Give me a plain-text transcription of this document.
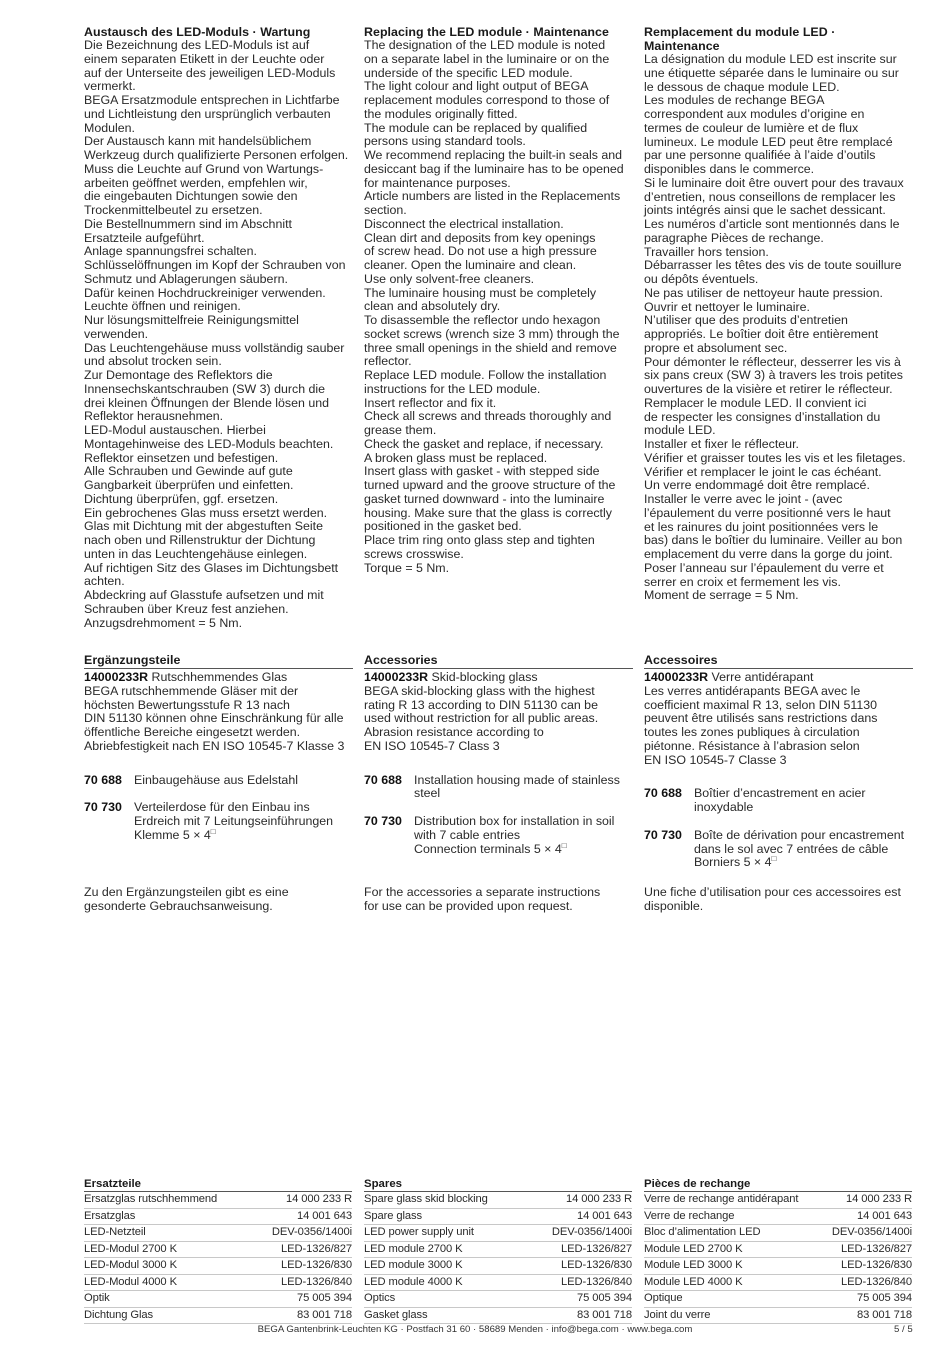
Austausch des LED-Moduls · Wartung

Die Bezeichnung des LED-Moduls ist auf
einem separaten Etikett in der Leuchte oder
auf der Unterseite des jeweiligen LED-Moduls
vermerkt.
BEGA Ersatzmodule entsprechen in Lichtfarbe
und Lichtleistung den ursprünglich verbauten
Modulen.
Der Austausch kann mit handelsüblichem
Werkzeug durch qualifizierte Personen erfolgen.
Muss die Leuchte auf Grund von Wartungs-
arbeiten geöffnet werden, empfehlen wir,
die eingebauten Dichtungen sowie den
Trockenmittelbeutel zu ersetzen.
Die Bestellnummern sind im Abschnitt
Ersatzteile aufgeführt.
Anlage spannungsfrei schalten.
Schlüsselöffnungen im Kopf der Schrauben von
Schmutz und Ablagerungen säubern.
Dafür keinen Hochdruckreiniger verwenden.
Leuchte öffnen und reinigen.
Nur lösungsmittelfreie Reinigungsmittel
verwenden.
Das Leuchtengehäuse muss vollständig sauber
und absolut trocken sein.
Zur Demontage des Reflektors die
Innensechskantschrauben (SW 3) durch die
drei kleinen Öffnungen der Blende lösen und
Reflektor herausnehmen.
LED-Modul austauschen. Hierbei
Montagehinweise des LED-Moduls beachten.
Reflektor einsetzen und befestigen.
Alle Schrauben und Gewinde auf gute
Gangbarkeit überprüfen und einfetten.
Dichtung überprüfen, ggf. ersetzen.
Ein gebrochenes Glas muss ersetzt werden.
Glas mit Dichtung mit der abgestuften Seite
nach oben und Rillenstruktur der Dichtung
unten in das Leuchtengehäuse einlegen.
Auf richtigen Sitz des Glases im Dichtungsbett
achten.
Abdeckring auf Glasstufe aufsetzen und mit
Schrauben über Kreuz fest anziehen.
Anzugsdrehmoment = 5 Nm.

Replacing the LED module · Maintenance

The designation of the LED module is noted
on a separate label in the luminaire or on the
underside of the specific LED module.
The light colour and light output of BEGA
replacement modules correspond to those of
the modules originally fitted.
The module can be replaced by qualified
persons using standard tools.
We recommend replacing the built-in seals and
desiccant bag if the luminaire has to be opened
for maintenance purposes.
Article numbers are listed in the Replacements
section.
Disconnect the electrical installation.
Clean dirt and deposits from key openings
of screw head. Do not use a high pressure
cleaner. Open the luminaire and clean.
Use only solvent-free cleaners.
The luminaire housing must be completely
clean and absolutely dry.
To disassemble the reflector undo hexagon
socket screws (wrench size 3 mm) through the
three small openings in the shield and remove
reflector.
Replace LED module. Follow the installation
instructions for the LED module.
Insert reflector and fix it.
Check all screws and threads thoroughly and
grease them.
Check the gasket and replace, if necessary.
A broken glass must be replaced.
Insert glass with gasket - with stepped side
turned upward and the groove structure of the
gasket turned downward - into the luminaire
housing. Make sure that the glass is correctly
positioned in the gasket bed.
Place trim ring onto glass step and tighten
screws crosswise.
Torque = 5 Nm.

Remplacement du module LED ·
Maintenance

La désignation du module LED est inscrite sur
une étiquette séparée dans le luminaire ou sur
le dessous de chaque module LED.
Les modules de rechange BEGA
correspondent aux modules d’origine en
termes de couleur de lumière et de flux
lumineux. Le module LED peut être remplacé
par une personne qualifiée à l’aide d’outils
disponibles dans le commerce.
Si le luminaire doit être ouvert pour des travaux
d’entretien, nous conseillons de remplacer les
joints intégrés ainsi que le sachet dessicant.
Les numéros d’article sont mentionnés dans le
paragraphe Pièces de rechange.
Travailler hors tension.
Débarrasser les têtes des vis de toute souillure
ou dépôts éventuels.
Ne pas utiliser de nettoyeur haute pression.
Ouvrir et nettoyer le luminaire.
N’utiliser que des produits d’entretien
appropriés. Le boîtier doit être entièrement
propre et absolument sec.
Pour démonter le réflecteur, desserrer les vis à
six pans creux (SW 3) à travers les trois petites
ouvertures de la visière et retirer le réflecteur.
Remplacer le module LED. Il convient ici
de respecter les consignes d’installation du
module LED.
Installer et fixer le réflecteur.
Vérifier et graisser toutes les vis et les filetages.
Vérifier et remplacer le joint le cas échéant.
Un verre endommagé doit être remplacé.
Installer le verre avec le joint - (avec
l’épaulement du verre positionné vers le haut
et les rainures du joint positionnées vers le
bas) dans le boîtier du luminaire. Veiller au bon
emplacement du verre dans la gorge du joint.
Poser l’anneau sur l’épaulement du verre et
serrer en croix et fermement les vis.
Moment de serrage = 5 Nm.

Ergänzungsteile

14000233R Rutschhemmendes Glas
BEGA rutschhemmende Gläser mit der
höchsten Bewertungsstufe R 13 nach
DIN 51130 können ohne Einschränkung für alle
öffentliche Bereiche eingesetzt werden.
Abriebfestigkeit nach EN ISO 10545-7 Klasse 3

70 688 Einbaugehäuse aus Edelstahl
70 730 Verteilerdose für den Einbau ins
Erdreich mit 7 Leitungseinführungen
Klemme 5 × 4□
Accessories

14000233R Skid-blocking glass
BEGA skid-blocking glass with the highest
rating R 13 according to DIN 51130 can be
used without restriction for all public areas.
Abrasion resistance according to
EN ISO 10545-7 Class 3

70 688 Installation housing made of stainless
steel
70 730 Distribution box for installation in soil
with 7 cable entries
Connection terminals 5 × 4□
Accessoires

14000233R Verre antidérapant
Les verres antidérapants BEGA avec le
coefficient maximal R 13, selon DIN 51130
peuvent être utilisés sans restrictions dans
toutes les zones publiques à circulation
piétonne. Résistance à l’abrasion selon
EN ISO 10545-7 Classe 3

70 688 Boîtier d’encastrement en acier
inoxydable
70 730 Boîte de dérivation pour encastrement
dans le sol avec 7 entrées de câble
Borniers 5 × 4□
Zu den Ergänzungsteilen gibt es eine
gesonderte Gebrauchsanweisung.
For the accessories a separate instructions
for use can be provided upon request.
Une fiche d’utilisation pour ces accessoires est
disponible.
Ersatzteile
Ersatzglas rutschhemmend	14 000 233 R
Ersatzglas	14 001 643
LED-Netzteil	DEV-0356/1400i
LED-Modul 2700 K	LED-1326/827
LED-Modul 3000 K	LED-1326/830
LED-Modul 4000 K	LED-1326/840
Optik	75 005 394
Dichtung Glas	83 001 718
Spares
Spare glass skid blocking	14 000 233 R
Spare glass	14 001 643
LED power supply unit	DEV-0356/1400i
LED module 2700 K	LED-1326/827
LED module 3000 K	LED-1326/830
LED module 4000 K	LED-1326/840
Optics	75 005 394
Gasket glass	83 001 718
Pièces de rechange
Verre de rechange antidérapant	14 000 233 R
Verre de rechange	14 001 643
Bloc d’alimentation LED	DEV-0356/1400i
Module LED 2700 K	LED-1326/827
Module LED 3000 K	LED-1326/830
Module LED 4000 K	LED-1326/840
Optique	75 005 394
Joint du verre	83 001 718
BEGA Gantenbrink-Leuchten KG · Postfach 31 60 · 58689 Menden · info@bega.com · www.bega.com	5 / 5
